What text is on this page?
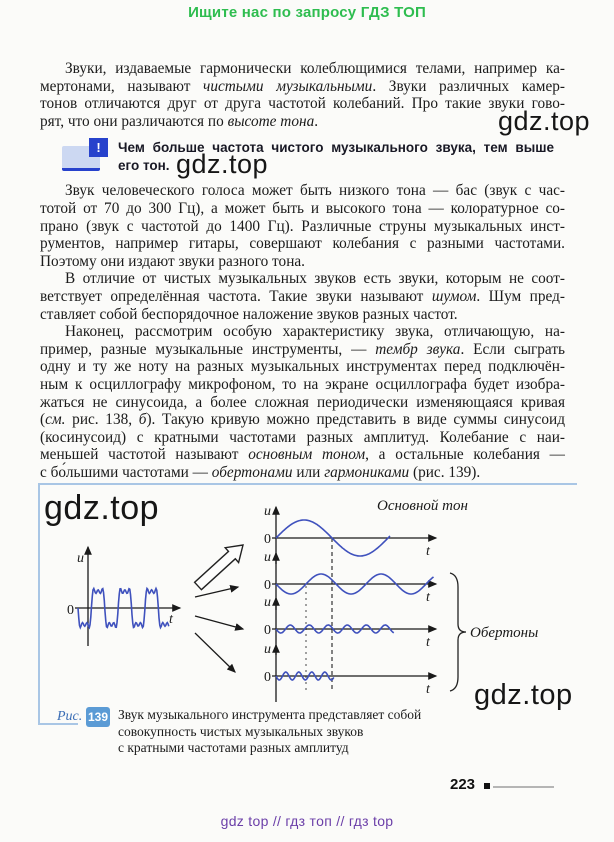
Ищите нас по запросу ГДЗ ТОП
gdz.top
gdz.top
Звуки, издаваемые гармонически колеблющимися телами, например ка-
мертонами, называют чистыми музыкальными. Звуки различных камер-
тонов отличаются друг от друга частотой колебаний. Про такие звуки гово-
рят, что они различаются по высоте тона.
!	Чем больше частота чистого музыкального звука, тем выше
его тон.
Звук человеческого голоса может быть низкого тона — бас (звук с час-
тотой от 70 до 300 Гц), а может быть и высокого тона — колоратурное со-
прано (звук с частотой до 1400 Гц). Различные струны музыкальных инст-
рументов, например гитары, совершают колебания с разными частотами.
Поэтому они издают звуки разного тона.
В отличие от чистых музыкальных звуков есть звуки, которым не соот-
ветствует определённая частота. Такие звуки называют шумом. Шум пред-
ставляет собой беспорядочное наложение звуков разных частот.
Наконец, рассмотрим особую характеристику звука, отличающую, на-
пример, разные музыкальные инструменты, — тембр звука. Если сыграть
одну и ту же ноту на разных музыкальных инструментах перед подключён-
ным к осциллографу микрофоном, то на экране осциллографа будет изобра-
жаться не синусоида, а более сложная периодически изменяющаяся кривая
(см. рис. 138, б). Такую кривую можно представить в виде суммы синусоид
(косинусоид) с кратными частотами разных амплитуд. Колебание с наи-
меньшей частотой называют основным тоном, а остальные колебания —
с бо́льшими частотами — обертонами или гармониками (рис. 139).
gdz.top
gdz.top
u
0
t
u
0
t
u
0
t
u
0
t
u
0
t
Основной тон
Обертоны
Рис. 139 Звук музыкального инструмента представляет собой
совокупность чистых музыкальных звуков
с кратными частотами разных амплитуд
223
gdz top // гдз топ // гдз top
